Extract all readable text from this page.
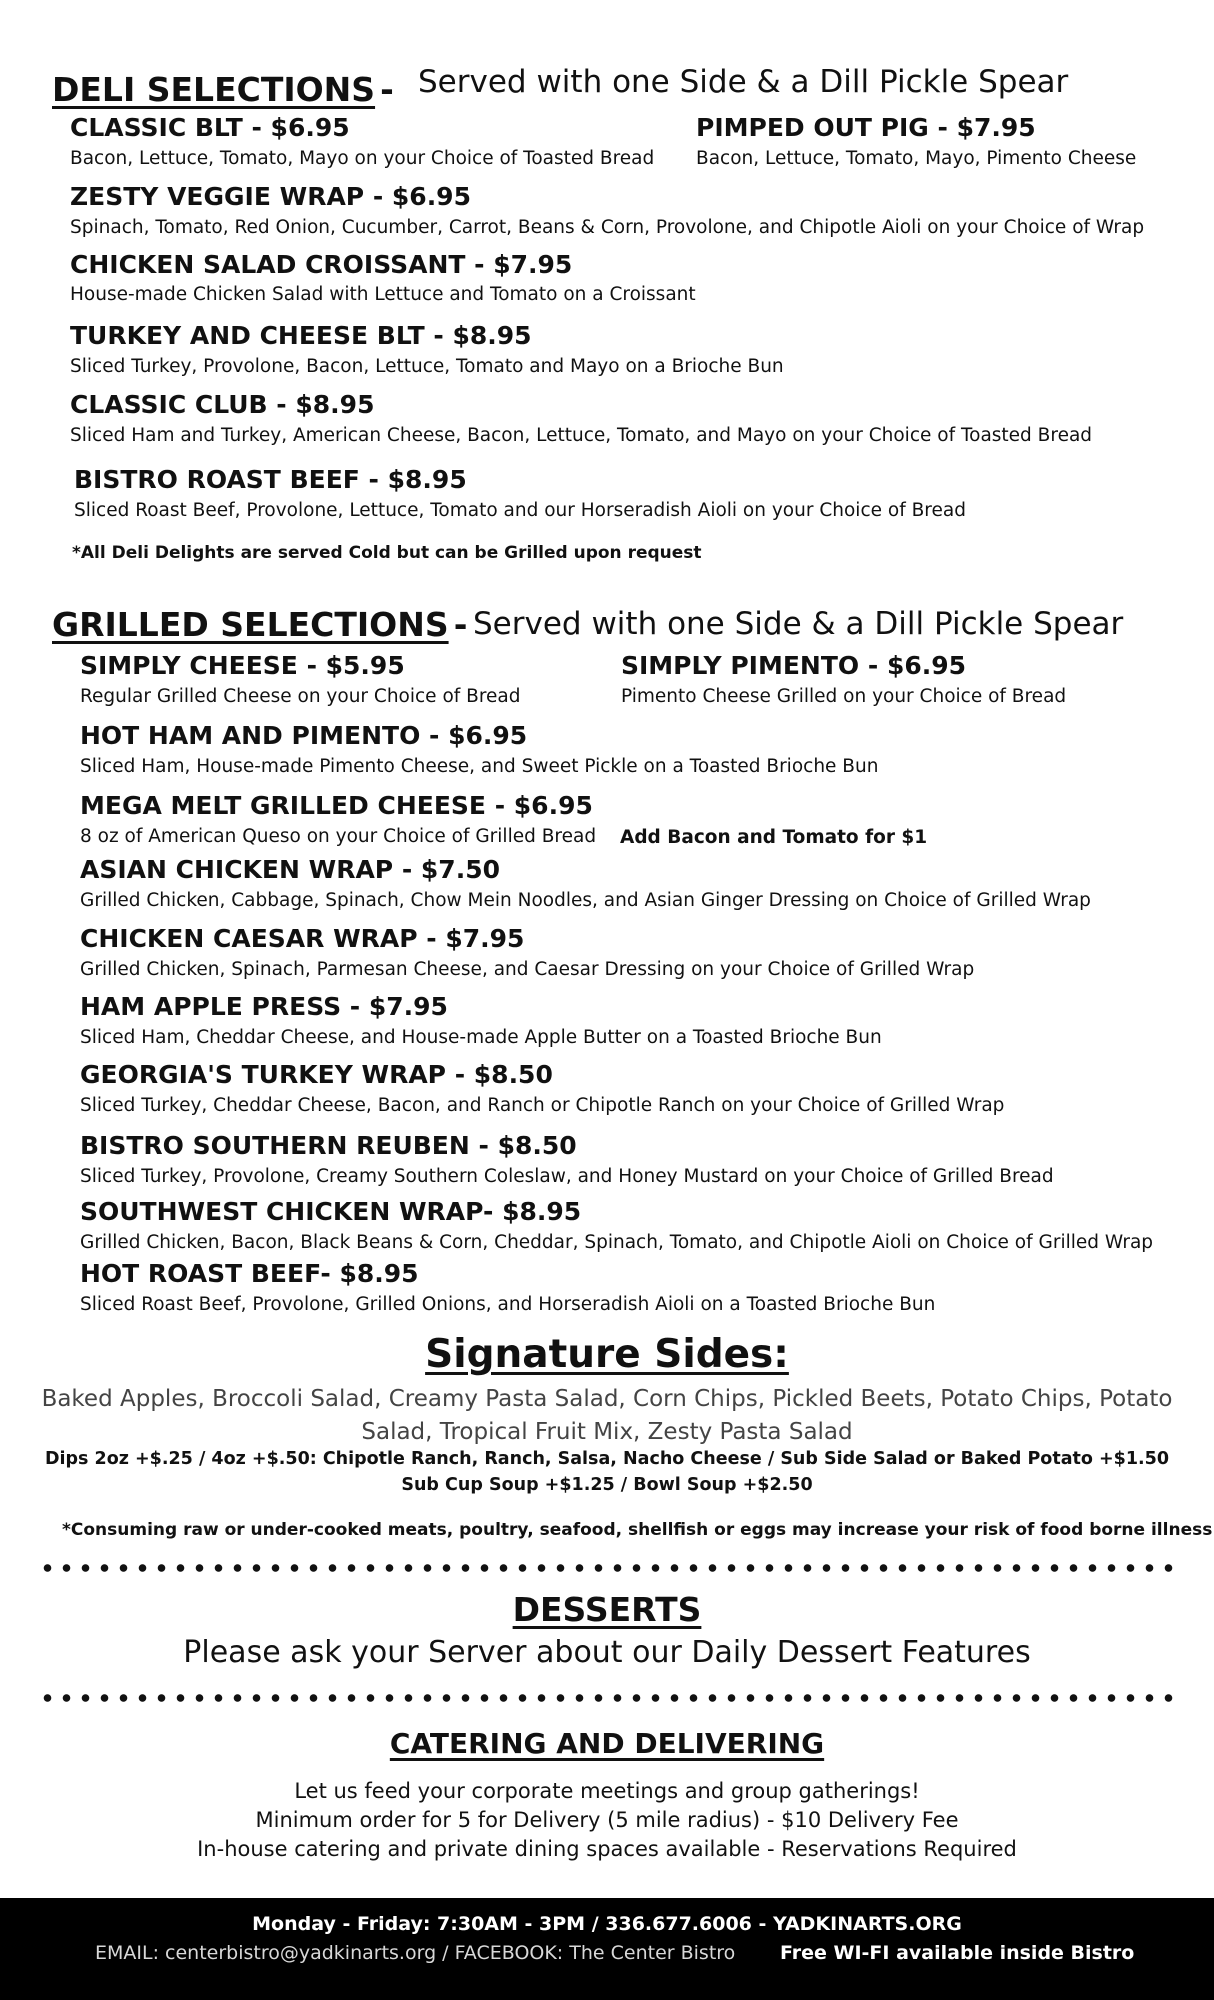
DELI SELECTIONS - Served with one Side & a Dill Pickle Spear
CLASSIC BLT - $6.95
Bacon, Lettuce, Tomato, Mayo on your Choice of Toasted Bread
PIMPED OUT PIG - $7.95
Bacon, Lettuce, Tomato, Mayo, Pimento Cheese
ZESTY VEGGIE WRAP - $6.95
Spinach, Tomato, Red Onion, Cucumber, Carrot, Beans & Corn, Provolone, and Chipotle Aioli on your Choice of Wrap
CHICKEN SALAD CROISSANT - $7.95
House-made Chicken Salad with Lettuce and Tomato on a Croissant
TURKEY AND CHEESE BLT - $8.95
Sliced Turkey, Provolone, Bacon, Lettuce, Tomato and Mayo on a Brioche Bun
CLASSIC CLUB - $8.95
Sliced Ham and Turkey, American Cheese, Bacon, Lettuce, Tomato, and Mayo on your Choice of Toasted Bread
BISTRO ROAST BEEF - $8.95
Sliced Roast Beef, Provolone, Lettuce, Tomato and our Horseradish Aioli on your Choice of Bread
*All Deli Delights are served Cold but can be Grilled upon request
GRILLED SELECTIONS - Served with one Side & a Dill Pickle Spear
SIMPLY CHEESE - $5.95
Regular Grilled Cheese on your Choice of Bread
SIMPLY PIMENTO - $6.95
Pimento Cheese Grilled on your Choice of Bread
HOT HAM AND PIMENTO - $6.95
Sliced Ham, House-made Pimento Cheese, and Sweet Pickle on a Toasted Brioche Bun
MEGA MELT GRILLED CHEESE - $6.95
8 oz of American Queso on your Choice of Grilled Bread Add Bacon and Tomato for $1
ASIAN CHICKEN WRAP - $7.50
Grilled Chicken, Cabbage, Spinach, Chow Mein Noodles, and Asian Ginger Dressing on Choice of Grilled Wrap
CHICKEN CAESAR WRAP - $7.95
Grilled Chicken, Spinach, Parmesan Cheese, and Caesar Dressing on your Choice of Grilled Wrap
HAM APPLE PRESS - $7.95
Sliced Ham, Cheddar Cheese, and House-made Apple Butter on a Toasted Brioche Bun
GEORGIA'S TURKEY WRAP - $8.50
Sliced Turkey, Cheddar Cheese, Bacon, and Ranch or Chipotle Ranch on your Choice of Grilled Wrap
BISTRO SOUTHERN REUBEN - $8.50
Sliced Turkey, Provolone, Creamy Southern Coleslaw, and Honey Mustard on your Choice of Grilled Bread
SOUTHWEST CHICKEN WRAP- $8.95
Grilled Chicken, Bacon, Black Beans & Corn, Cheddar, Spinach, Tomato, and Chipotle Aioli on Choice of Grilled Wrap
HOT ROAST BEEF- $8.95
Sliced Roast Beef, Provolone, Grilled Onions, and Horseradish Aioli on a Toasted Brioche Bun
Signature Sides:
Baked Apples, Broccoli Salad, Creamy Pasta Salad, Corn Chips, Pickled Beets, Potato Chips, Potato Salad, Tropical Fruit Mix, Zesty Pasta Salad
Dips 2oz +$.25 / 4oz +$.50: Chipotle Ranch, Ranch, Salsa, Nacho Cheese / Sub Side Salad or Baked Potato +$1.50
Sub Cup Soup +$1.25 / Bowl Soup +$2.50
*Consuming raw or under-cooked meats, poultry, seafood, shellfish or eggs may increase your risk of food borne illness
DESSERTS
Please ask your Server about our Daily Dessert Features
CATERING AND DELIVERING
Let us feed your corporate meetings and group gatherings!
Minimum order for 5 for Delivery (5 mile radius) - $10 Delivery Fee
In-house catering and private dining spaces available - Reservations Required
Monday - Friday: 7:30AM - 3PM / 336.677.6006 - YADKINARTS.ORG
EMAIL: centerbistro@yadkinarts.org / FACEBOOK: The Center Bistro Free WI-FI available inside Bistro
